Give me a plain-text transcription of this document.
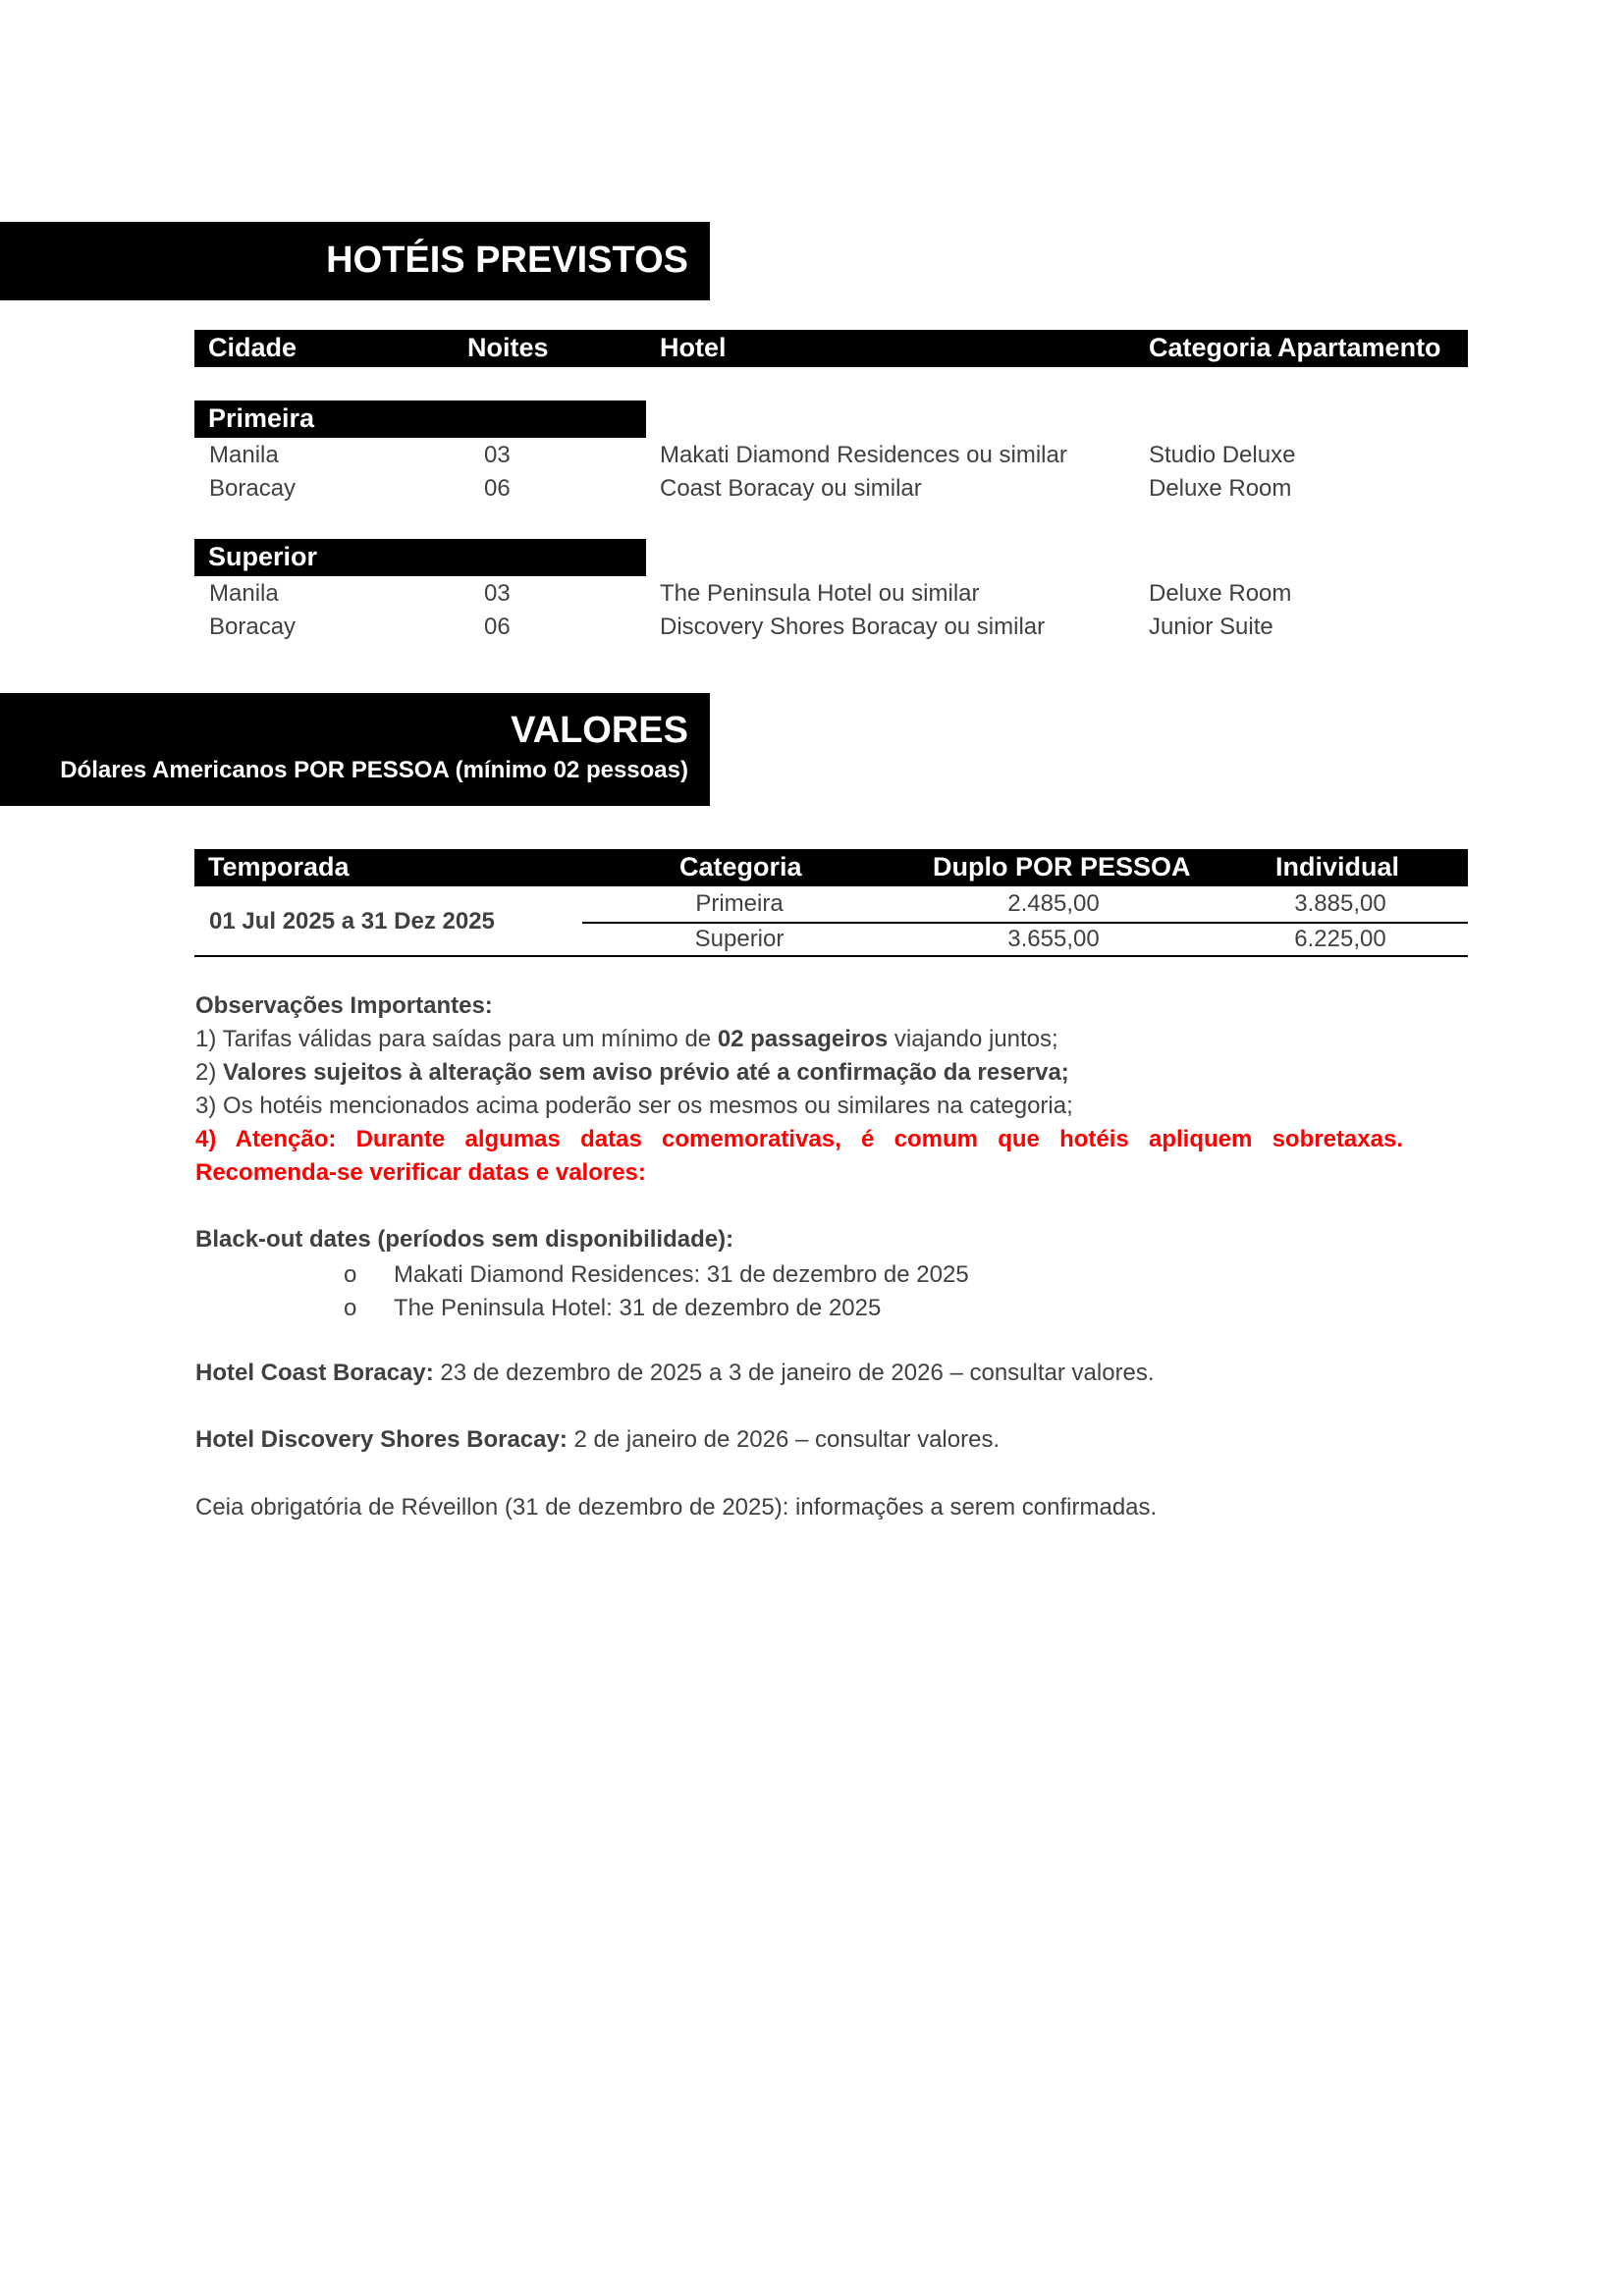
HOTÉIS PREVISTOS
Cidade	Noites	Hotel	Categoria Apartamento
Primeira
Manila	03	Makati Diamond Residences ou similar	Studio Deluxe
Boracay	06	Coast Boracay ou similar	Deluxe Room
Superior
Manila	03	The Peninsula Hotel ou similar	Deluxe Room
Boracay	06	Discovery Shores Boracay ou similar	Junior Suite
VALORES
Dólares Americanos POR PESSOA (mínimo 02 pessoas)
Temporada	Categoria	Duplo POR PESSOA	Individual
01 Jul 2025 a 31 Dez 2025
Primeira	2.485,00	3.885,00
Superior	3.655,00	6.225,00

Observações Importantes:

1) Tarifas válidas para saídas para um mínimo de 02 passageiros viajando juntos;

2) Valores sujeitos à alteração sem aviso prévio até a confirmação da reserva;

3) Os hotéis mencionados acima poderão ser os mesmos ou similares na categoria;

4) Atenção: Durante algumas datas comemorativas, é comum que hotéis apliquem sobretaxas.

Recomenda-se verificar datas e valores:

Black-out dates (períodos sem disponibilidade):

o Makati Diamond Residences: 31 de dezembro de 2025
o The Peninsula Hotel: 31 de dezembro de 2025

Hotel Coast Boracay: 23 de dezembro de 2025 a 3 de janeiro de 2026 – consultar valores.

Hotel Discovery Shores Boracay: 2 de janeiro de 2026 – consultar valores.

Ceia obrigatória de Réveillon (31 de dezembro de 2025): informações a serem confirmadas.
